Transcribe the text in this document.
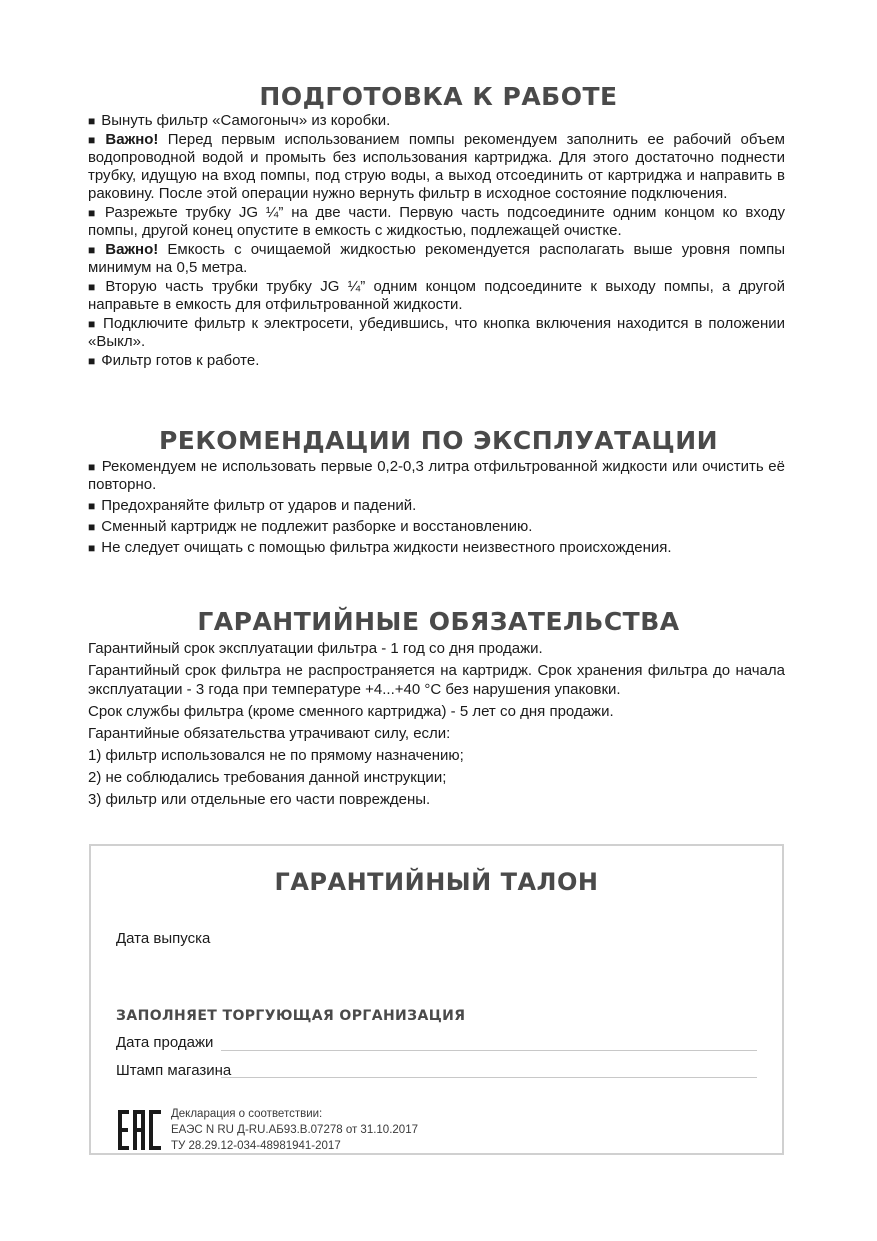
ПОДГОТОВКА К РАБОТЕ
■ Вынуть фильтр «Самогоныч» из коробки.
■ Важно! Перед первым использованием помпы рекомендуем заполнить ее рабочий объем водопроводной водой и промыть без использования картриджа. Для этого достаточно поднести трубку, идущую на вход помпы, под струю воды, а выход отсоединить от картриджа и направить в раковину. После этой операции нужно вернуть фильтр в исходное состояние подключения.
■ Разрежьте трубку JG ¼” на две части. Первую часть подсоедините одним концом ко входу помпы, другой конец опустите в емкость с жидкостью, подлежащей очистке.
■ Важно! Емкость с очищаемой жидкостью рекомендуется располагать выше уровня помпы минимум на 0,5 метра.
■ Вторую часть трубки трубку JG ¼” одним концом подсоедините к выходу помпы, а другой направьте в емкость для отфильтрованной жидкости.
■ Подключите фильтр к электросети, убедившись, что кнопка включения находится в положении «Выкл».
■ Фильтр готов к работе.
РЕКОМЕНДАЦИИ ПО ЭКСПЛУАТАЦИИ
■ Рекомендуем не использовать первые 0,2-0,3 литра отфильтрованной жидкости или очистить её повторно.
■ Предохраняйте фильтр от ударов и падений.
■ Сменный картридж не подлежит разборке и восстановлению.
■ Не следует очищать с помощью фильтра жидкости неизвестного происхождения.
ГАРАНТИЙНЫЕ ОБЯЗАТЕЛЬСТВА

Гарантийный срок эксплуатации фильтра - 1 год со дня продажи.

Гарантийный срок фильтра не распространяется на картридж. Срок хранения фильтра до начала эксплуатации - 3 года при температуре +4...+40 °С без нарушения упаковки.

Срок службы фильтра (кроме сменного картриджа) - 5 лет со дня продажи.

Гарантийные обязательства утрачивают силу, если:

1) фильтр использовался не по прямому назначению;

2) не соблюдались требования данной инструкции;

3) фильтр или отдельные его части повреждены.

ГАРАНТИЙНЫЙ ТАЛОН
Дата выпуска
ЗАПОЛНЯЕТ ТОРГУЮЩАЯ ОРГАНИЗАЦИЯ
Дата продажи
Штамп магазина
Декларация о соответствии:
ЕАЭС N RU Д-RU.АБ93.В.07278 от 31.10.2017
ТУ 28.29.12-034-48981941-2017
